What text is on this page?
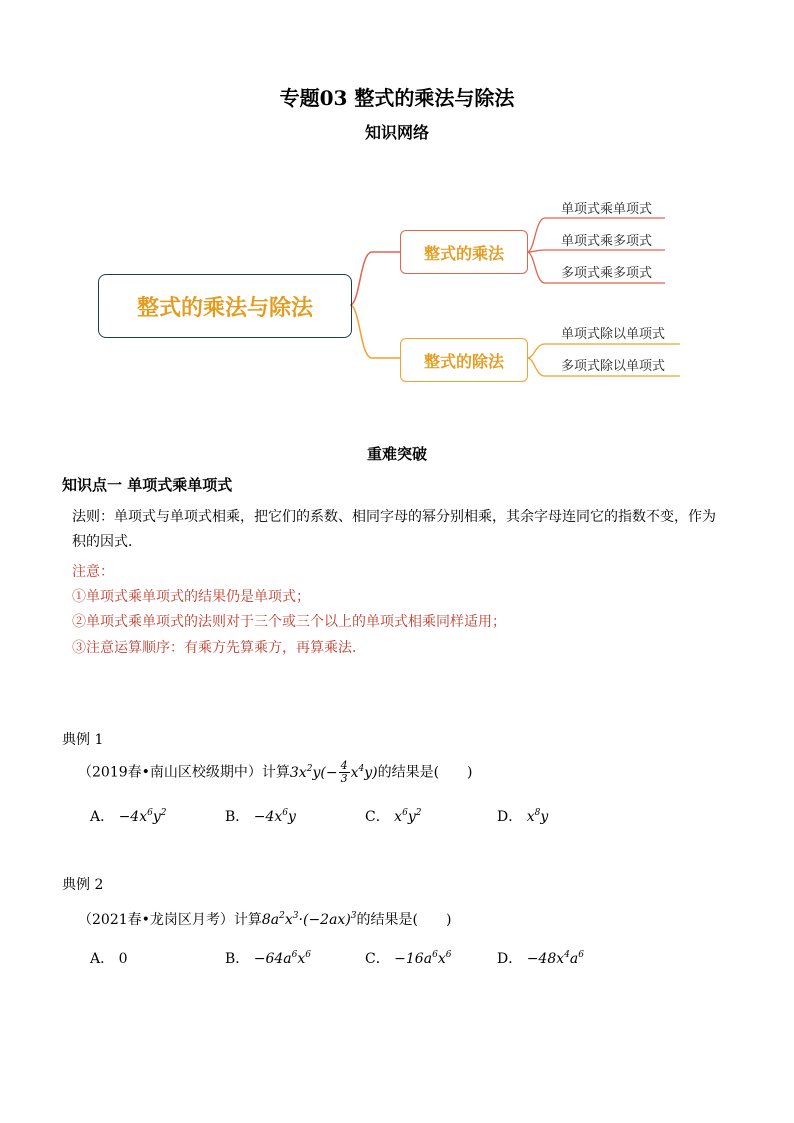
专题03 整式的乘法与除法
知识网络
整式的乘法与除法
整式的乘法
整式的除法
单项式乘单项式
单项式乘多项式
多项式乘多项式
单项式除以单项式
多项式除以单项式
重难突破
知识点一 单项式乘单项式
法则：单项式与单项式相乘，把它们的系数、相同字母的幂分别相乘，其余字母连同它的指数不变，作为
积的因式．
注意：
①单项式乘单项式的结果仍是单项式；
②单项式乘单项式的法则对于三个或三个以上的单项式相乘同样适用；
③注意运算顺序：有乘方先算乘方，再算乘法．
典例 1
（2019春•南山区校级期中）计算$3x^2y(- \frac{4}{3} x^4y)$的结果是(　　)
A． $-4x^6y^2$	B． $-4x^6y$	C． $x^6y^2$	D． $x^8y$
典例 2
（2021春•龙岗区月考）计算$8a^2x^3\cdot(-2ax)^3$的结果是(　　)
A． 0	B． $-64a^6x^6$	C． $-16a^6x^6$	D． $-48x^4a^6$
